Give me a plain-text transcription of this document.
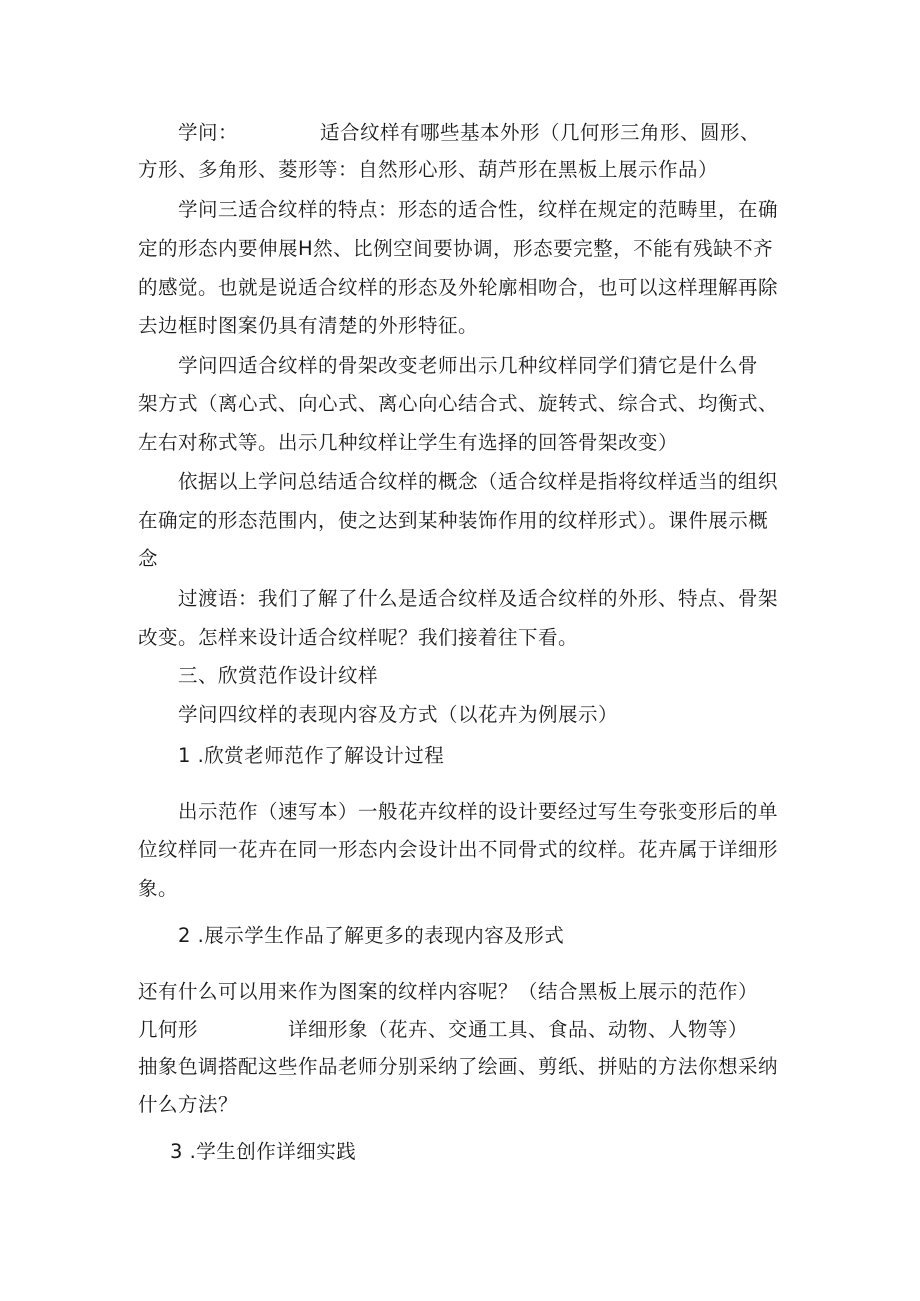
学问：	适合纹样有哪些基本外形（几何形三角形、圆形、
方形、多角形、菱形等：自然形心形、葫芦形在黑板上展示作品）
学问三适合纹样的特点：形态的适合性，纹样在规定的范畴里，在确
定的形态内要伸展H然、比例空间要协调，形态要完整，不能有残缺不齐
的感觉。也就是说适合纹样的形态及外轮廓相吻合，也可以这样理解再除
去边框时图案仍具有清楚的外形特征。
学问四适合纹样的骨架改变老师出示几种纹样同学们猜它是什么骨
架方式（离心式、向心式、离心向心结合式、旋转式、综合式、均衡式、
左右对称式等。出示几种纹样让学生有选择的回答骨架改变）
依据以上学问总结适合纹样的概念（适合纹样是指将纹样适当的组织
在确定的形态范围内，使之达到某种装饰作用的纹样形式）。课件展示概
念
过渡语：我们了解了什么是适合纹样及适合纹样的外形、特点、骨架
改变。怎样来设计适合纹样呢？我们接着往下看。
三、欣赏范作设计纹样
学问四纹样的表现内容及方式（以花卉为例展示）
1 .欣赏老师范作了解设计过程
出示范作（速写本）一般花卉纹样的设计要经过写生夸张变形后的单
位纹样同一花卉在同一形态内会设计出不同骨式的纹样。花卉属于详细形
象。
2 .展示学生作品了解更多的表现内容及形式
还有什么可以用来作为图案的纹样内容呢？（结合黑板上展示的范作）
几何形	详细形象（花卉、交通工具、食品、动物、人物等）
抽象色调搭配这些作品老师分别采纳了绘画、剪纸、拼贴的方法你想采纳
什么方法？
3 .学生创作详细实践
